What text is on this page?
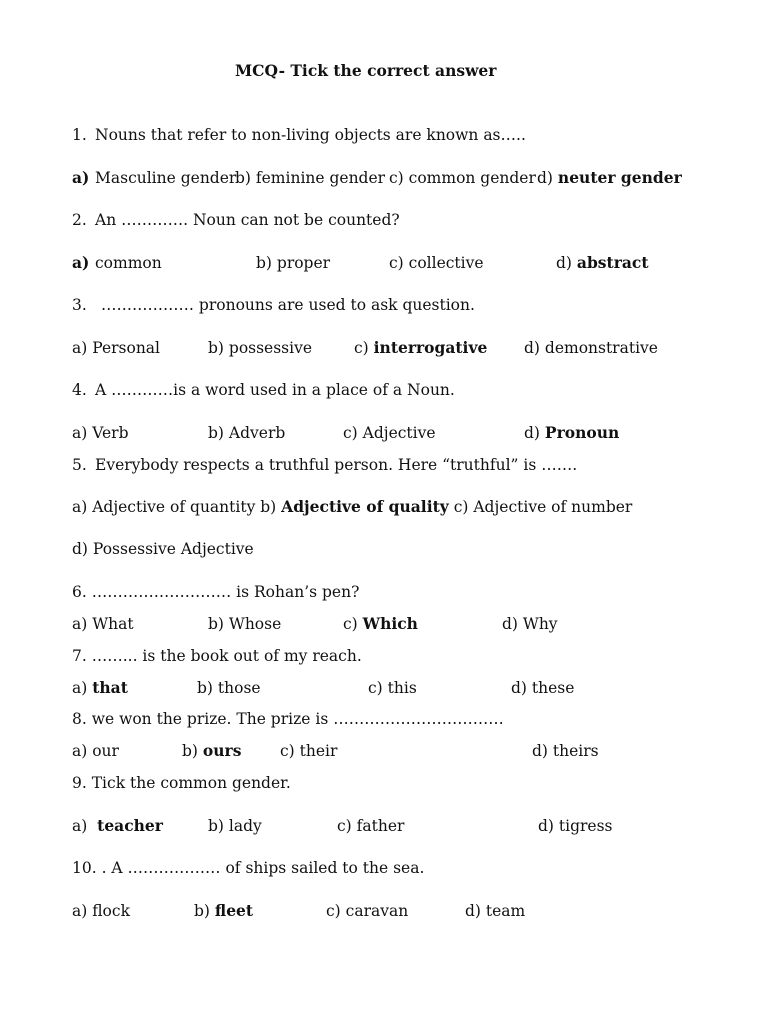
MCQ- Tick the correct answer
1. Nouns that refer to non-living objects are known as…..
a) Masculine gender
b) feminine gender c) common gender d) neuter gender
2. An …………. Noun can not be counted?
a) common	b) proper	c) collective	d) abstract
3. ……………… pronouns are used to ask question.
a) Personal	b) possessive	c) interrogative d) demonstrative
4. A …………is a word used in a place of a Noun.
a) Verb	b) Adverb	c) Adjective	d) Pronoun
5. Everybody respects a truthful person. Here “truthful” is …….
a) Adjective of quantity b) Adjective of quality c) Adjective of number
d) Possessive Adjective
6. ……………………… is Rohan’s pen?
a) What	b) Whose	c) Which	d) Why
7. ……... is the book out of my reach.
a) that	b) those	c) this	d) these
8. we won the prize. The prize is ……………………………
a) our	b) ours c) their	d) theirs
9. Tick the common gender.
a) teacher	b) lady	c) father	d) tigress
10. . A ……………… of ships sailed to the sea.
a) flock	b) fleet	c) caravan	d) team
